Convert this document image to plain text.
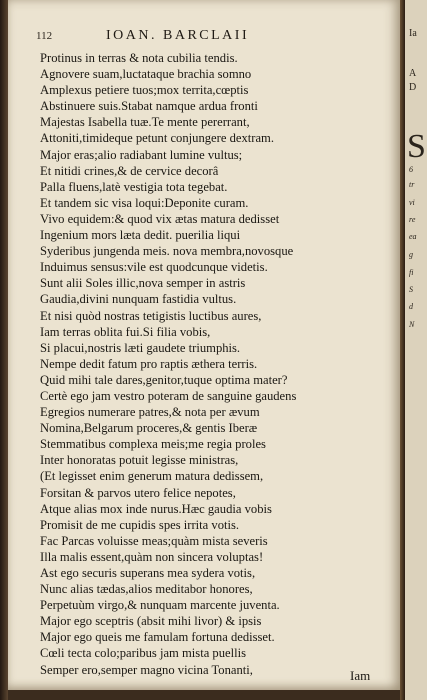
112	IOAN. BARCLAII
Protinus in terras & nota cubilia tendis.
Agnovere suam,luctataque brachia somno
Amplexus petiere tuos;mox territa,cœptis
Abstinuere suis.Stabat namque ardua fronti
Majestas Isabella tuæ.Te mente pererrant,
Attoniti,timideque petunt conjungere dextram.
Major eras;alio radiabant lumine vultus;
Et nitidi crines,& de cervice decorâ
Palla fluens,latè vestigia tota tegebat.
Et tandem sic visa loqui:Deponite curam.
Vivo equidem:& quod vix ætas matura dedisset
Ingenium mors læta dedit. puerilia liqui
Syderibus jungenda meis. nova membra,novosque
Induimus sensus:vile est quodcunque videtis.
Sunt alii Soles illic,nova semper in astris
Gaudia,divini nunquam fastidia vultus.
Et nisi quòd nostras tetigistis luctibus aures,
Iam terras oblita fui.Si filia vobis,
Si placui,nostris læti gaudete triumphis.
Nempe dedit fatum pro raptis æthera terris.
Quid mihi tale dares,genitor,tuque optima mater?
Certè ego jam vestro poteram de sanguine gaudens
Egregios numerare patres,& nota per ævum
Nomina,Belgarum proceres,& gentis Iberæ
Stemmatibus complexa meis;me regia proles
Inter honoratas potuit legisse ministras,
(Et legisset enim generum matura dedissem,
Forsitan & parvos utero felice nepotes,
Atque alias mox inde nurus.Hæc gaudia vobis
Promisit de me cupidis spes irrita votis.
Fac Parcas voluisse meas;quàm mista severis
Illa malis essent,quàm non sincera voluptas!
Ast ego securis superans mea sydera votis,
Nunc alias tædas,alios meditabor honores,
Perpetuùm virgo,& nunquam marcente juventa.
Major ego sceptris (absit mihi livor) & ipsis
Major ego queis me famulam fortuna dedisset.
Cœli tecta colo;paribus jam mista puellis
Semper ero,semper magno vicina Tonanti,	Iam
Ia
A
D
S
6
tr
vi
re
ea
g
fi
S
d
N
